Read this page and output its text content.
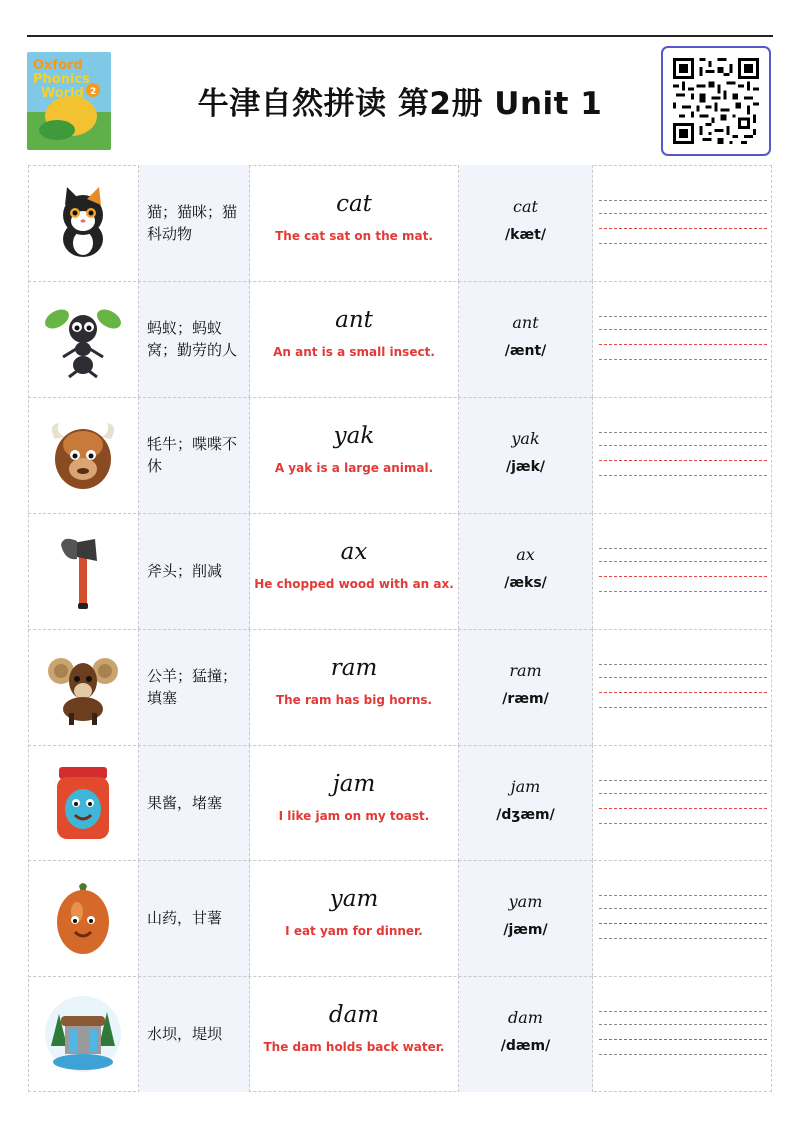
Oxford
Phonics
World 2	牛津自然拼读 第2册 Unit 1
猫；猫咪；猫科动物
cat
The cat sat on the mat.
cat
/kæt/
蚂蚁；蚂蚁窝；勤劳的人
ant
An ant is a small insect.
ant
/ænt/
牦牛；喋喋不休
yak
A yak is a large animal.
yak
/jæk/
斧头；削减
ax
He chopped wood with an ax.
ax
/æks/
公羊；猛撞；填塞
ram
The ram has big horns.
ram
/ræm/
果酱，堵塞
jam
I like jam on my toast.
jam
/dʒæm/
山药，甘薯
yam
I eat yam for dinner.
yam
/jæm/
水坝，堤坝
dam
The dam holds back water.
dam
/dæm/
